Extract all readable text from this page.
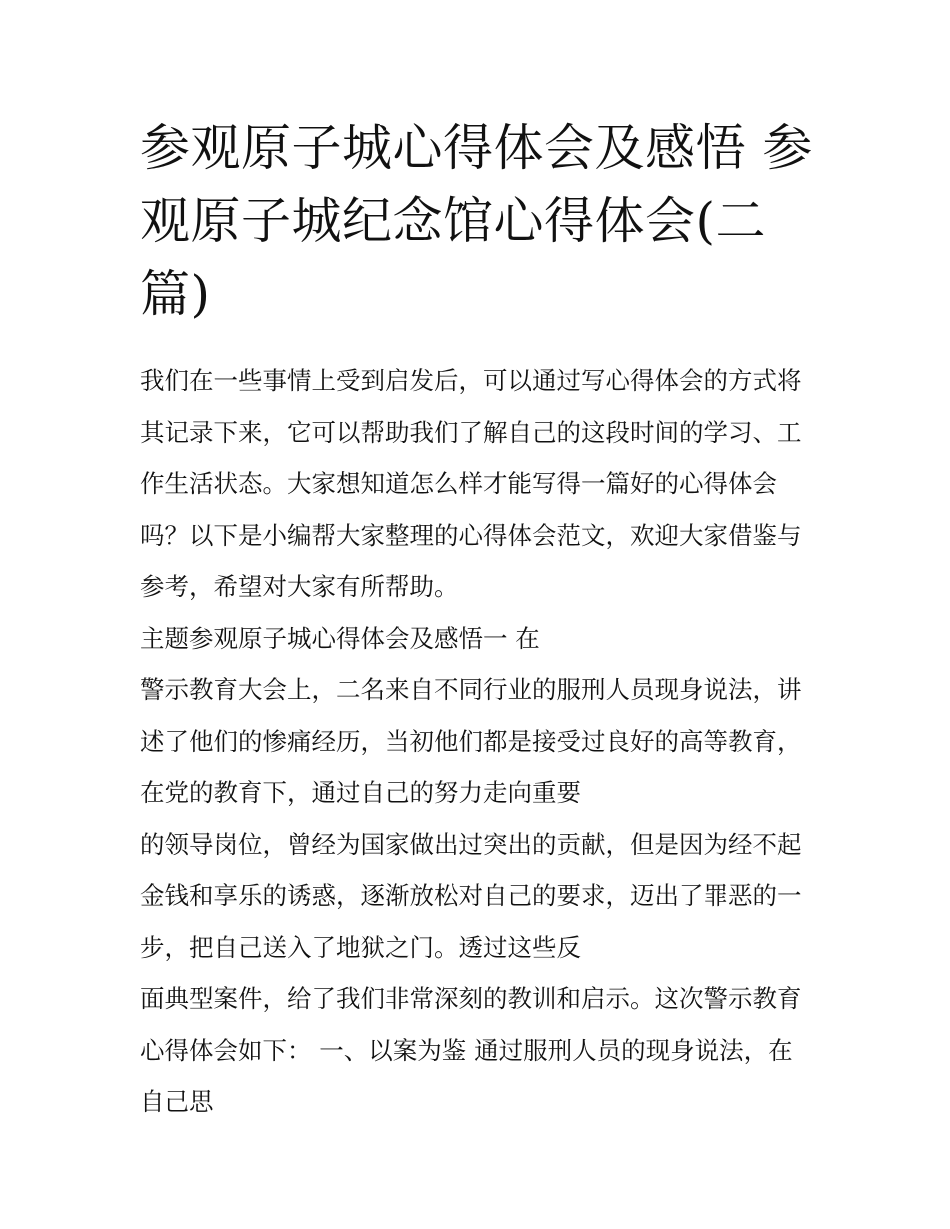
参观原子城心得体会及感悟 参
观原子城纪念馆心得体会(二
篇)
我们在一些事情上受到启发后，可以通过写心得体会的方式将
其记录下来，它可以帮助我们了解自己的这段时间的学习、工
作生活状态。大家想知道怎么样才能写得一篇好的心得体会
吗？以下是小编帮大家整理的心得体会范文，欢迎大家借鉴与
参考，希望对大家有所帮助。
主题参观原子城心得体会及感悟一 在
警示教育大会上，二名来自不同行业的服刑人员现身说法，讲
述了他们的惨痛经历，当初他们都是接受过良好的高等教育，
在党的教育下，通过自己的努力走向重要
的领导岗位，曾经为国家做出过突出的贡献，但是因为经不起
金钱和享乐的诱惑，逐渐放松对自己的要求，迈出了罪恶的一
步，把自己送入了地狱之门。透过这些反
面典型案件，给了我们非常深刻的教训和启示。这次警示教育
心得体会如下： 一、以案为鉴 通过服刑人员的现身说法，在
自己思
